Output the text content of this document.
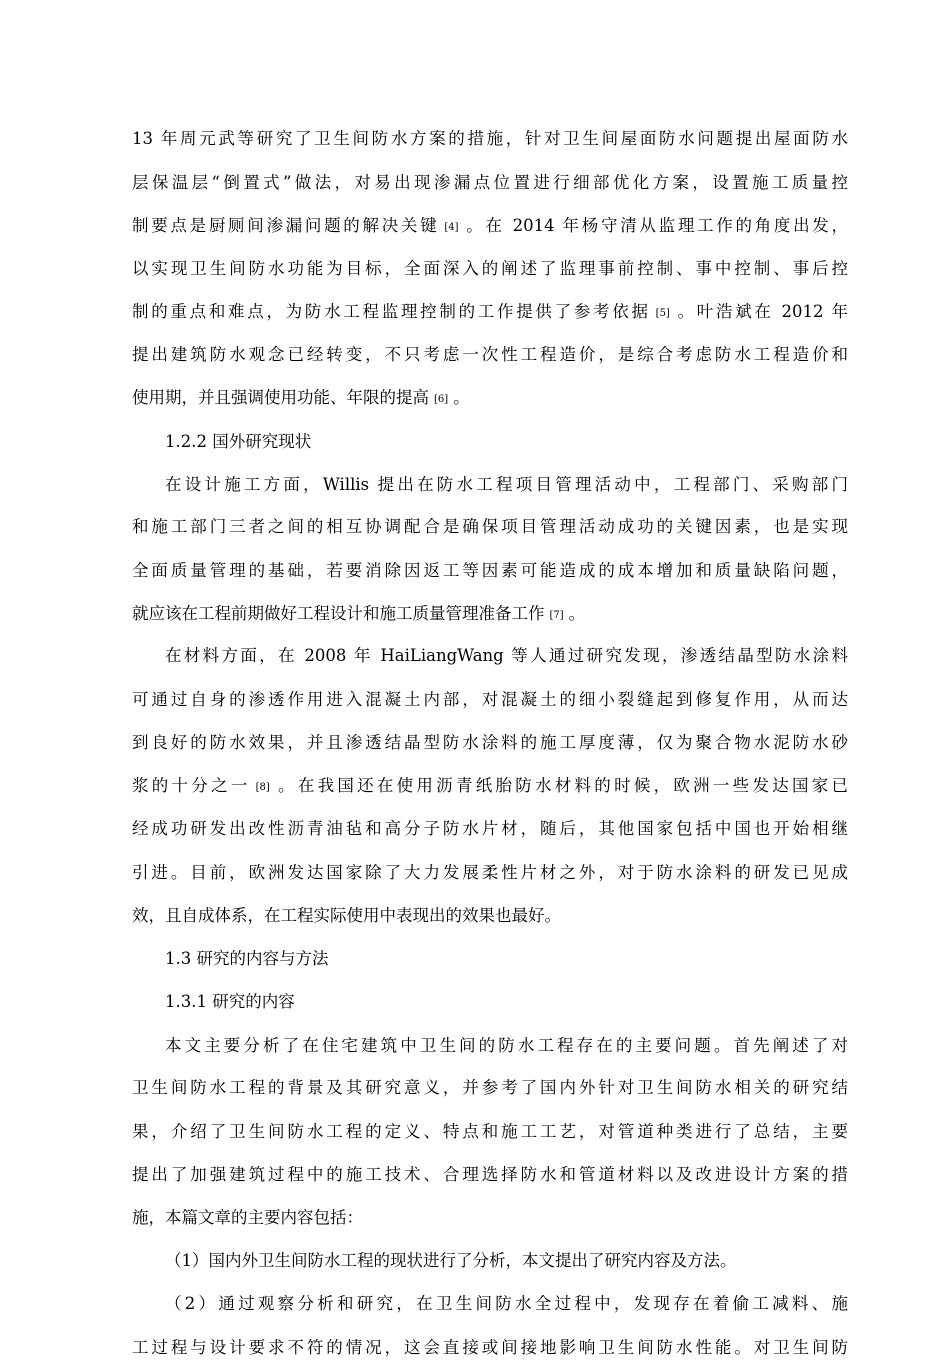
13 年周元武等研究了卫生间防水方案的措施，针对卫生间屋面防水问题提出屋面防水
层保温层“倒置式”做法，对易出现渗漏点位置进行细部优化方案，设置施工质量控
制要点是厨厕间渗漏问题的解决关键 [4] 。在 2014 年杨守清从监理工作的角度出发，
以实现卫生间防水功能为目标，全面深入的阐述了监理事前控制、事中控制、事后控
制的重点和难点，为防水工程监理控制的工作提供了参考依据 [5] 。叶浩斌在 2012 年
提出建筑防水观念已经转变，不只考虑一次性工程造价，是综合考虑防水工程造价和
使用期，并且强调使用功能、年限的提高 [6] 。
1.2.2 国外研究现状
在设计施工方面，Willis 提出在防水工程项目管理活动中，工程部门、采购部门
和施工部门三者之间的相互协调配合是确保项目管理活动成功的关键因素，也是实现
全面质量管理的基础，若要消除因返工等因素可能造成的成本增加和质量缺陷问题，
就应该在工程前期做好工程设计和施工质量管理准备工作 [7] 。
在材料方面，在 2008 年 HaiLiangWang 等人通过研究发现，渗透结晶型防水涂料
可通过自身的渗透作用进入混凝土内部，对混凝土的细小裂缝起到修复作用，从而达
到良好的防水效果，并且渗透结晶型防水涂料的施工厚度薄，仅为聚合物水泥防水砂
浆的十分之一 [8] 。在我国还在使用沥青纸胎防水材料的时候，欧洲一些发达国家已
经成功研发出改性沥青油毡和高分子防水片材，随后，其他国家包括中国也开始相继
引进。目前，欧洲发达国家除了大力发展柔性片材之外，对于防水涂料的研发已见成
效，且自成体系，在工程实际使用中表现出的效果也最好。
1.3 研究的内容与方法
1.3.1 研究的内容
本文主要分析了在住宅建筑中卫生间的防水工程存在的主要问题。首先阐述了对
卫生间防水工程的背景及其研究意义，并参考了国内外针对卫生间防水相关的研究结
果，介绍了卫生间防水工程的定义、特点和施工工艺，对管道种类进行了总结，主要
提出了加强建筑过程中的施工技术、合理选择防水和管道材料以及改进设计方案的措
施，本篇文章的主要内容包括：
（1）国内外卫生间防水工程的现状进行了分析，本文提出了研究内容及方法。
（2）通过观察分析和研究，在卫生间防水全过程中，发现存在着偷工减料、施
工过程与设计要求不符的情况，这会直接或间接地影响卫生间防水性能。对卫生间防
